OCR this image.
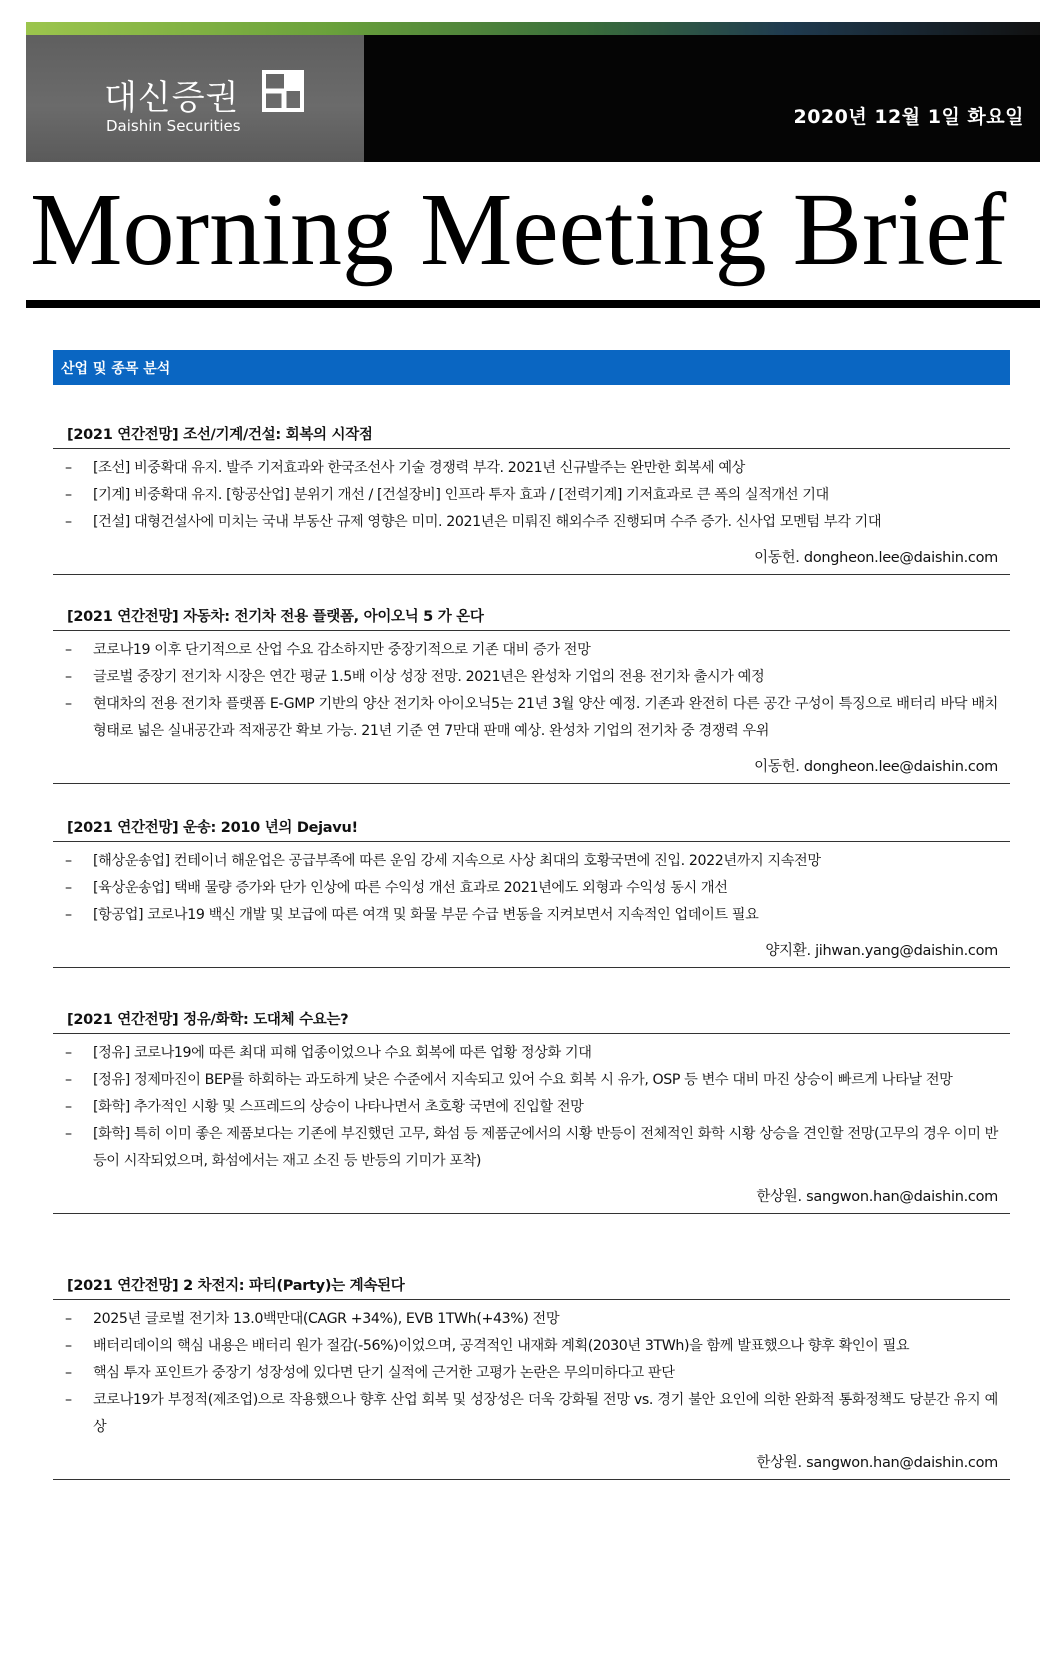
대신증권
Daishin Securities	2020년 12월 1일 화요일
Morning Meeting Brief
산업 및 종목 분석
[2021 연간전망] 조선/기계/건설: 회복의 시작점
– [조선] 비중확대 유지. 발주 기저효과와 한국조선사 기술 경쟁력 부각. 2021년 신규발주는 완만한 회복세 예상
– [기계] 비중확대 유지. [항공산업] 분위기 개선 / [건설장비] 인프라 투자 효과 / [전력기계] 기저효과로 큰 폭의 실적개선 기대
– [건설] 대형건설사에 미치는 국내 부동산 규제 영향은 미미. 2021년은 미뤄진 해외수주 진행되며 수주 증가. 신사업 모멘텀 부각 기대
이동헌. dongheon.lee@daishin.com
[2021 연간전망] 자동차: 전기차 전용 플랫폼, 아이오닉 5 가 온다
– 코로나19 이후 단기적으로 산업 수요 감소하지만 중장기적으로 기존 대비 증가 전망
– 글로벌 중장기 전기차 시장은 연간 평균 1.5배 이상 성장 전망. 2021년은 완성차 기업의 전용 전기차 출시가 예정
– 현대차의 전용 전기차 플랫폼 E-GMP 기반의 양산 전기차 아이오닉5는 21년 3월 양산 예정. 기존과 완전히 다른 공간 구성이 특징으로 배터리 바닥 배치 형태로 넓은 실내공간과 적재공간 확보 가능. 21년 기준 연 7만대 판매 예상. 완성차 기업의 전기차 중 경쟁력 우위
이동헌. dongheon.lee@daishin.com
[2021 연간전망] 운송: 2010 년의 Dejavu!
– [해상운송업] 컨테이너 해운업은 공급부족에 따른 운임 강세 지속으로 사상 최대의 호황국면에 진입. 2022년까지 지속전망
– [육상운송업] 택배 물량 증가와 단가 인상에 따른 수익성 개선 효과로 2021년에도 외형과 수익성 동시 개선
– [항공업] 코로나19 백신 개발 및 보급에 따른 여객 및 화물 부문 수급 변동을 지켜보면서 지속적인 업데이트 필요
양지환. jihwan.yang@daishin.com
[2021 연간전망] 정유/화학: 도대체 수요는?
– [정유] 코로나19에 따른 최대 피해 업종이었으나 수요 회복에 따른 업황 정상화 기대
– [정유] 정제마진이 BEP를 하회하는 과도하게 낮은 수준에서 지속되고 있어 수요 회복 시 유가, OSP 등 변수 대비 마진 상승이 빠르게 나타날 전망
– [화학] 추가적인 시황 및 스프레드의 상승이 나타나면서 초호황 국면에 진입할 전망
– [화학] 특히 이미 좋은 제품보다는 기존에 부진했던 고무, 화섬 등 제품군에서의 시황 반등이 전체적인 화학 시황 상승을 견인할 전망(고무의 경우 이미 반등이 시작되었으며, 화섬에서는 재고 소진 등 반등의 기미가 포착)
한상원. sangwon.han@daishin.com
[2021 연간전망] 2 차전지: 파티(Party)는 계속된다
– 2025년 글로벌 전기차 13.0백만대(CAGR +34%), EVB 1TWh(+43%) 전망
– 배터리데이의 핵심 내용은 배터리 원가 절감(-56%)이었으며, 공격적인 내재화 계획(2030년 3TWh)을 함께 발표했으나 향후 확인이 필요
– 핵심 투자 포인트가 중장기 성장성에 있다면 단기 실적에 근거한 고평가 논란은 무의미하다고 판단
– 코로나19가 부정적(제조업)으로 작용했으나 향후 산업 회복 및 성장성은 더욱 강화될 전망 vs. 경기 불안 요인에 의한 완화적 통화정책도 당분간 유지 예상
한상원. sangwon.han@daishin.com
